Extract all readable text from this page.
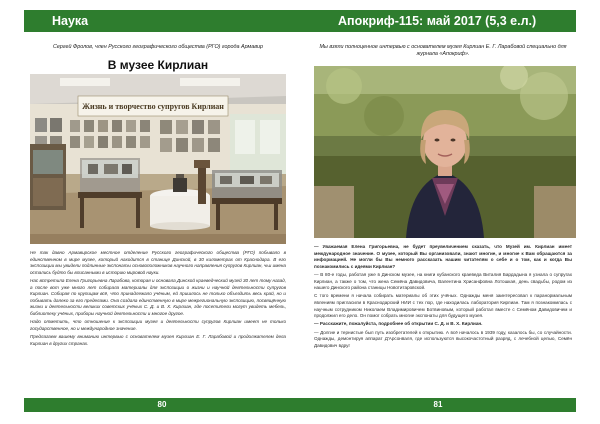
Наука
Сергей Фролов, член Русского географического общества (РГО) города Армавир
В музее Кирлиан
Жизнь и творчество супругов Кирлиан

Не так давно Армавирское местное отделение Русского географического общества (РГО) побывало в единственном в мире музее, который находится в станице Динской, в 30 километрах от Краснодара. В его экспозиции мы увидели подлинные экспонаты основоположников научного направления супругов Кирлиан, чьи имена остались будто бы вписанными в историю мировой науки.

Нас встретила Елена Григорьевна Ларабова, которая и основала Динской краеведческий музей 30 лет тому назад, а после вот уже много лет собирала материалы для экспозиции о жизни и научной деятельности супругов Кирлиан. Собирая по крупицам всё, что принадлежало учёным, ей пришлось не только объездить весь край, но и побывать далеко за его пределами. Она создала единственную в мире межрегиональную экспозицию, посвящённую жизни и деятельности великих советских учёных С. Д. и В. Х. Кирлиан, где посетители могут увидеть мебель, библиотеку учёных, приборы научной деятельности и многое другое.

Надо отметить, что отношение к экспозиции музея и деятельности супругов Кирлиан имеет не только государственное, но и международное значение.

Предлагаем вашему вниманию интервью с основателем музея Кирлиан Е. Г. Ларабовой и продолжателем дела Кирлиан в других странах.

80
Апокриф-115: май 2017 (5,3 е.л.)
Мы взяли полноценное интервью с основателем музея Кирлиан Е. Г. Ларабовой специально для журнала «Апокриф».

— Уважаемая Елена Григорьевна, не будет преувеличением сказать, что Музей им. Кирлиан имеет международное значение. О музее, который Вы организовали, знают многие, и многие к Вам обращаются за информацией. Не могли бы Вы немного рассказать нашим читателям о себе и о том, как и когда Вы познакомились с идеями Кирлиан?

— В 80-е годы, работая уже в Динском музее, на книги кубанского краеведа Виталия Бардадына я узнала о супругах Кирлиан, а также о том, что жена Семёна Давидовича, Валентина Хрисанфовна Лотошкая, день свадьбы, родом из нашего Динского района станицы Новотитаровской.

С того времени я начала собирать материалы об этих учёных. Однажды меня заинтересовал к паранормальным явлениям пригласили в Краснодарский НИИ с тех пор, где находилась лаборатория Кирлиан. Там я познакомилась с научным сотрудником Николаем Владимировичем Ботвиновым, который работал вместе с Семёном Давидовичем и продолжил его дело. Он помог собрать многие экспонаты для будущего музея.

— Расскажите, пожалуйста, подробнее об открытии С. Д. и В. Х. Кирлиан.

— Долгие и тернистые был путь изобретателей к открытию. А всё началось в 1939 году, казалось бы, со случайности. Однажды, демонтируя аппарат Д'Арсонваля, где используются высокочастотный разряд, с лечебной целью, Семён Давидович вдруг

81
